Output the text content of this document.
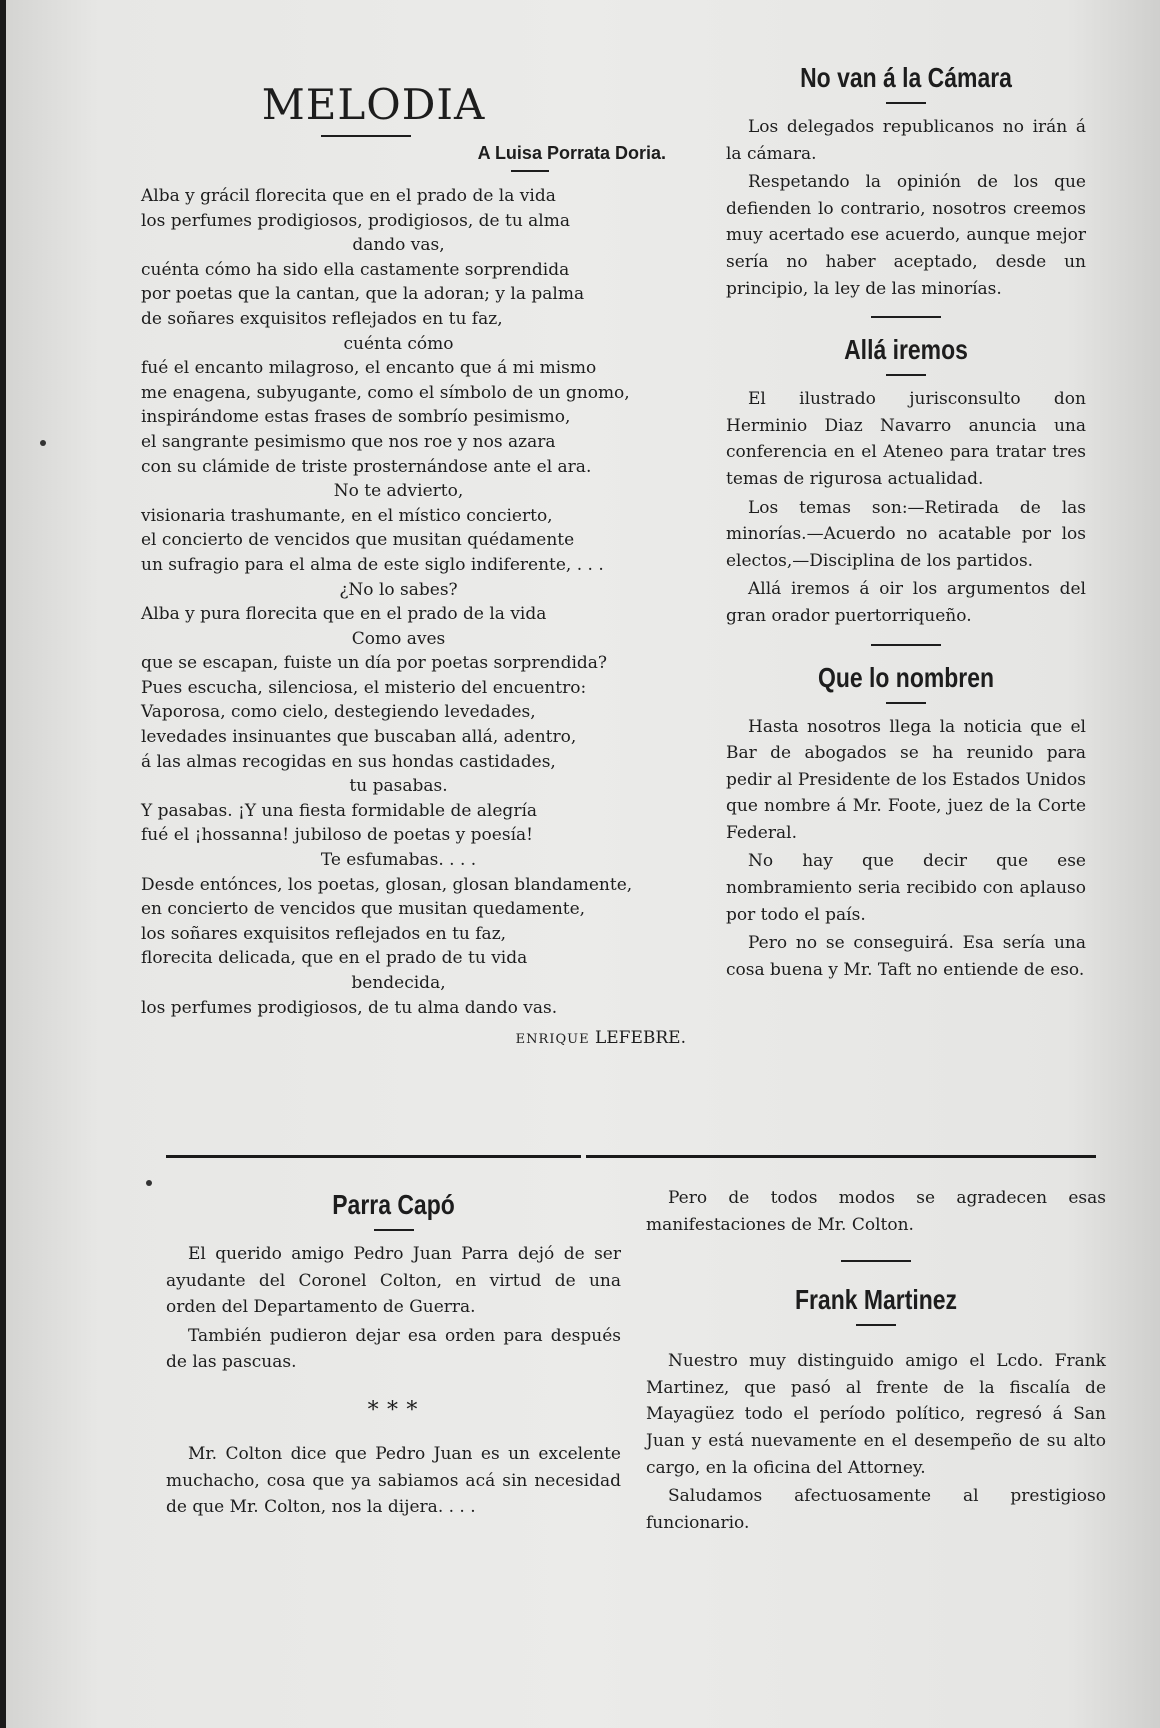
MELODIA
A Luisa Porrata Doria.
Alba y grácil florecita que en el prado de la vida
los perfumes prodigiosos, prodigiosos, de tu alma
dando vas,
cuénta cómo ha sido ella castamente sorprendida
por poetas que la cantan, que la adoran; y la palma
de soñares exquisitos reflejados en tu faz,
cuénta cómo
fué el encanto milagroso, el encanto que á mi mismo
me enagena, subyugante, como el símbolo de un gnomo,
inspirándome estas frases de sombrío pesimismo,
el sangrante pesimismo que nos roe y nos azara
con su clámide de triste prosternándose ante el ara.
No te advierto,
visionaria trashumante, en el místico concierto,
el concierto de vencidos que musitan quédamente
un sufragio para el alma de este siglo indiferente, . . .
¿No lo sabes?
Alba y pura florecita que en el prado de la vida
Como aves
que se escapan, fuiste un día por poetas sorprendida?
Pues escucha, silenciosa, el misterio del encuentro:
Vaporosa, como cielo, destegiendo levedades,
levedades insinuantes que buscaban allá, adentro,
á las almas recogidas en sus hondas castidades,
tu pasabas.
Y pasabas. ¡Y una fiesta formidable de alegría
fué el ¡hossanna! jubiloso de poetas y poesía!
Te esfumabas. . . .
Desde entónces, los poetas, glosan, glosan blandamente,
en concierto de vencidos que musitan quedamente,
los soñares exquisitos reflejados en tu faz,
florecita delicada, que en el prado de tu vida
bendecida,
los perfumes prodigiosos, de tu alma dando vas.
ENRIQUE LEFEBRE.
No van á la Cámara

Los delegados republicanos no irán á la cámara.

Respetando la opinión de los que defienden lo contrario, nosotros creemos muy acertado ese acuerdo, aunque mejor sería no haber aceptado, desde un principio, la ley de las minorías.

Allá iremos

El ilustrado jurisconsulto don Herminio Diaz Navarro anuncia una conferencia en el Ateneo para tratar tres temas de rigurosa actualidad.

Los temas son:—Retirada de las minorías.—Acuerdo no acatable por los electos,—Disciplina de los partidos.

Allá iremos á oir los argumentos del gran orador puertorriqueño.

Que lo nombren

Hasta nosotros llega la noticia que el Bar de abogados se ha reunido para pedir al Presidente de los Estados Unidos que nombre á Mr. Foote, juez de la Corte Federal.

No hay que decir que ese nombramiento seria recibido con aplauso por todo el país.

Pero no se conseguirá. Esa sería una cosa buena y Mr. Taft no entiende de eso.

Parra Capó

El querido amigo Pedro Juan Parra dejó de ser ayudante del Coronel Colton, en virtud de una orden del Departamento de Guerra.

También pudieron dejar esa orden para después de las pascuas.

* * *

Mr. Colton dice que Pedro Juan es un excelente muchacho, cosa que ya sabiamos acá sin necesidad de que Mr. Colton, nos la dijera. . . .

Pero de todos modos se agradecen esas manifestaciones de Mr. Colton.

Frank Martinez

Nuestro muy distinguido amigo el Lcdo. Frank Martinez, que pasó al frente de la fiscalía de Mayagüez todo el período político, regresó á San Juan y está nuevamente en el desempeño de su alto cargo, en la oficina del Attorney.

Saludamos afectuosamente al prestigioso funcionario.
